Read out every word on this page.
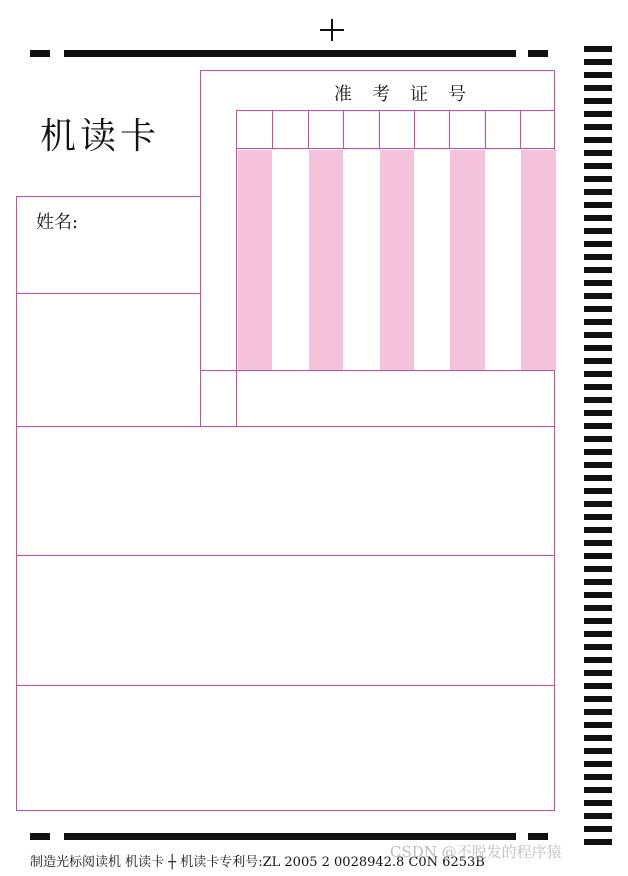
机读卡
姓名:
准考证号
制造光标阅读机 机读卡 ┼ 机读卡专利号:ZL 2005 2 0028942.8 C0N 6253B
CSDN @不脱发的程序猿
